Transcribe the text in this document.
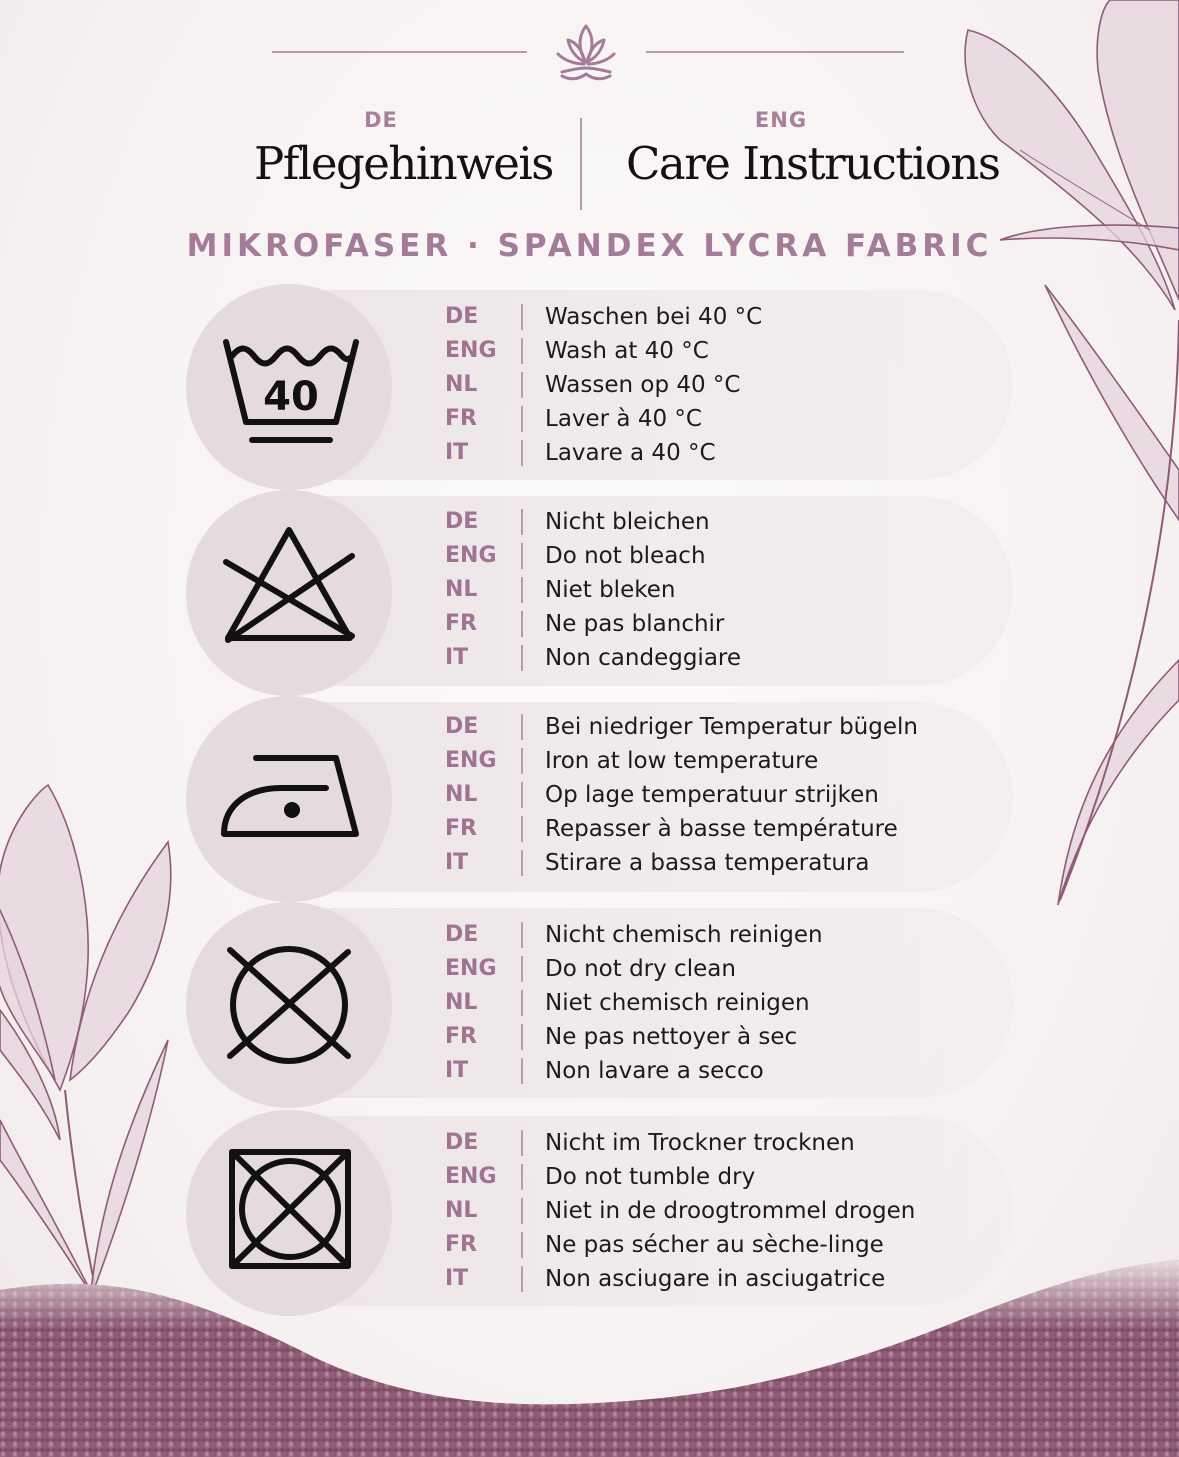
DE
Pflegehinweis
ENG
Care Instructions
MIKROFASER · SPANDEX LYCRA FABRIC
40
DE	Waschen bei 40 °C
ENG	Wash at 40 °C
NL	Wassen op 40 °C
FR	Laver à 40 °C
IT	Lavare a 40 °C
DE	Nicht bleichen
ENG	Do not bleach
NL	Niet bleken
FR	Ne pas blanchir
IT	Non candeggiare
DE	Bei niedriger Temperatur bügeln
ENG	Iron at low temperature
NL	Op lage temperatuur strijken
FR	Repasser à basse température
IT	Stirare a bassa temperatura
DE	Nicht chemisch reinigen
ENG	Do not dry clean
NL	Niet chemisch reinigen
FR	Ne pas nettoyer à sec
IT	Non lavare a secco
DE	Nicht im Trockner trocknen
ENG	Do not tumble dry
NL	Niet in de droogtrommel drogen
FR	Ne pas sécher au sèche-linge
IT	Non asciugare in asciugatrice
